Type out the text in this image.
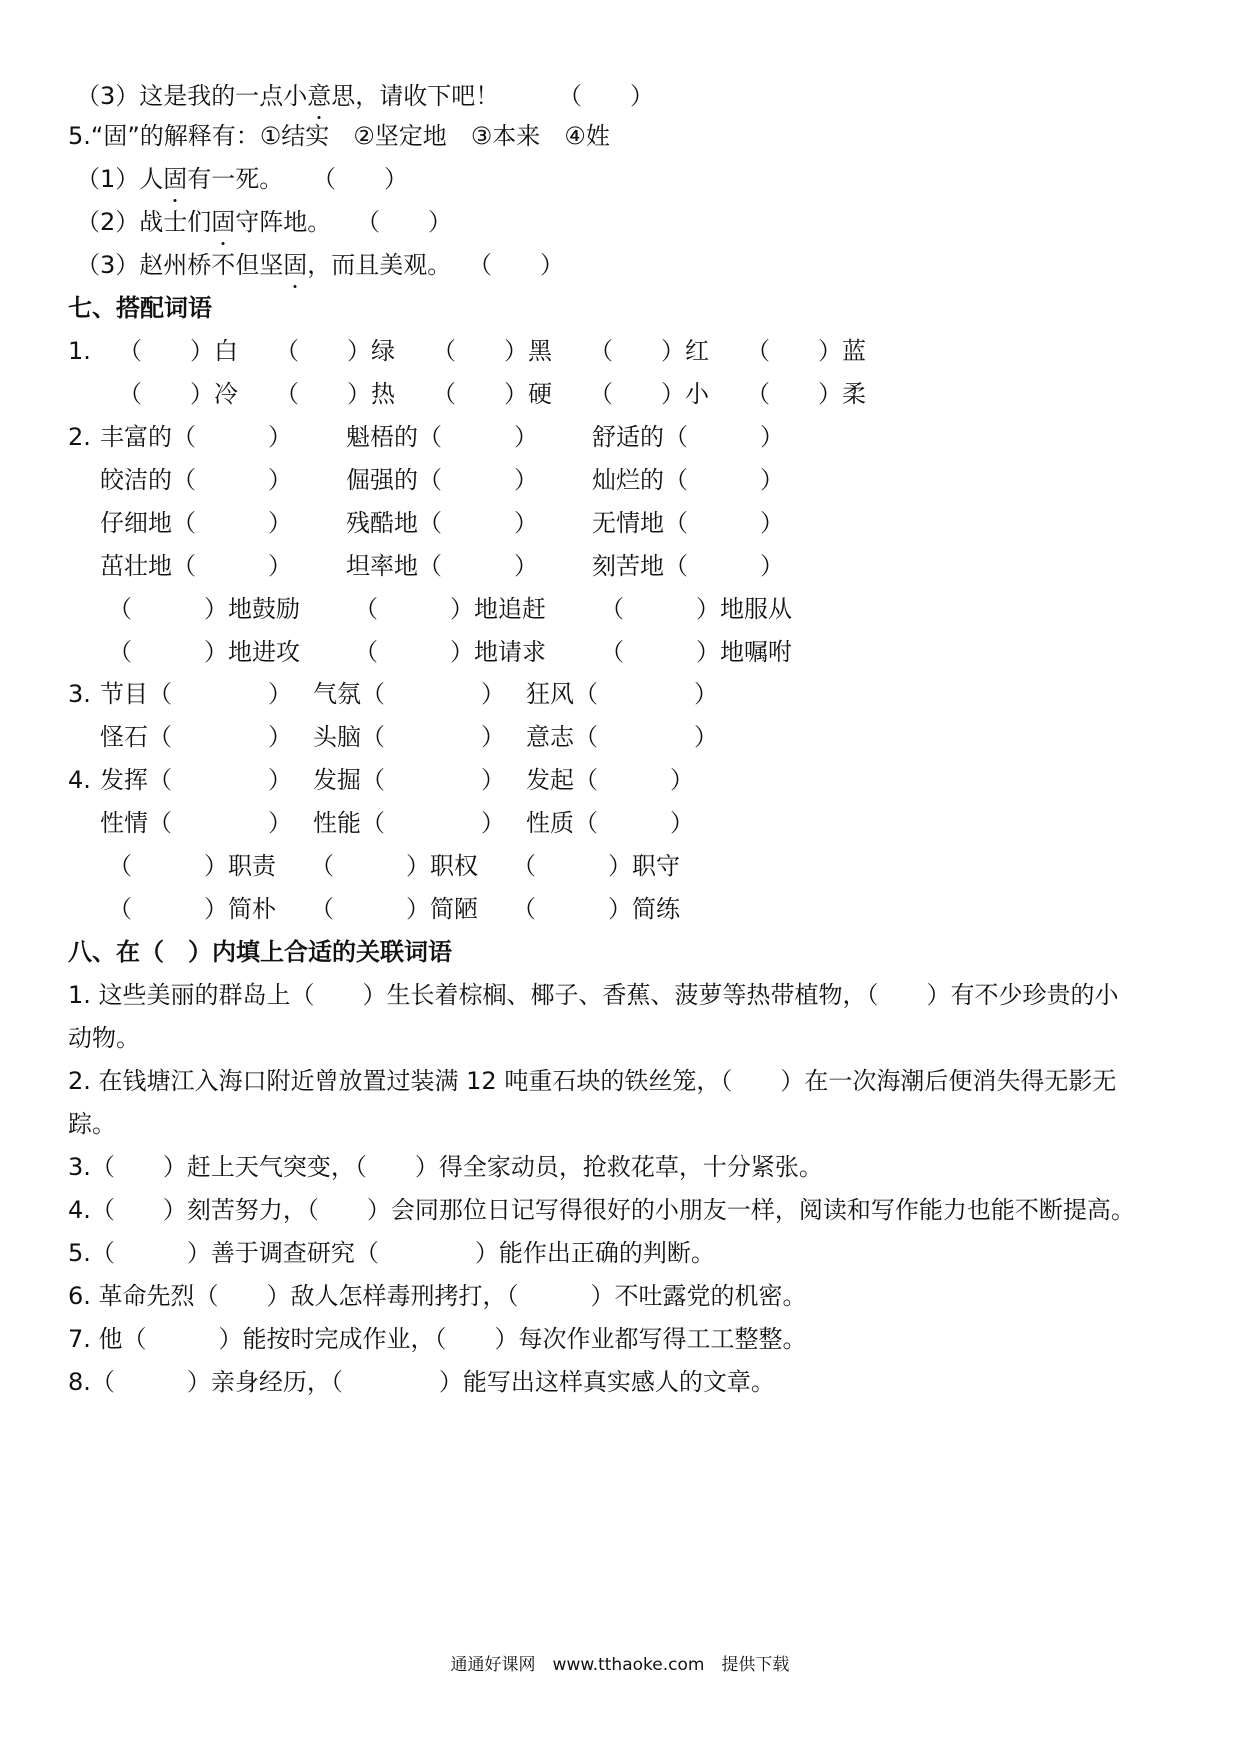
（3）这是我的一点小意思，请收下吧！ （　　）
5.“固”的解释有：①结实　②坚定地　③本来　④姓
（1）人固有一死。 （　　）
（2）战士们固守阵地。 （　　）
（3）赵州桥不但坚固，而且美观。 （　　）
七、搭配词语
1. （　　）白 （　　）绿 （　　）黑 （　　）红 （　　）蓝
（　　）冷 （　　）热 （　　）硬 （　　）小 （　　）柔
2. 丰富的（　　　） 魁梧的（　　　） 舒适的（　　　）
皎洁的（　　　） 倔强的（　　　） 灿烂的（　　　）
仔细地（　　　） 残酷地（　　　） 无情地（　　　）
茁壮地（　　　） 坦率地（　　　） 刻苦地（　　　）
（　　　）地鼓励 （　　　）地追赶 （　　　）地服从
（　　　）地进攻 （　　　）地请求 （　　　）地嘱咐
3. 节目（　　　　） 气氛（　　　　） 狂风（　　　　）
怪石（　　　　） 头脑（　　　　） 意志（　　　　）
4. 发挥（　　　　） 发掘（　　　　） 发起（　　　）
性情（　　　　） 性能（　　　　） 性质（　　　）
（　　　）职责 （　　　）职权 （　　　）职守
（　　　）简朴 （　　　）简陋 （　　　）简练
八、在（　）内填上合适的关联词语
1. 这些美丽的群岛上（　　）生长着棕榈、椰子、香蕉、菠萝等热带植物，（　　）有不少珍贵的小
动物。
2. 在钱塘江入海口附近曾放置过装满 12 吨重石块的铁丝笼，（　　）在一次海潮后便消失得无影无
踪。
3.（　　）赶上天气突变，（　　）得全家动员，抢救花草，十分紧张。
4.（　　）刻苦努力，（　　）会同那位日记写得很好的小朋友一样，阅读和写作能力也能不断提高。
5.（　　　）善于调查研究（　　　　）能作出正确的判断。
6. 革命先烈（　　）敌人怎样毒刑拷打，（　　　）不吐露党的机密。
7. 他（　　　）能按时完成作业，（　　）每次作业都写得工工整整。
8.（　　　）亲身经历，（　　　　）能写出这样真实感人的文章。
通通好课网　www.tthaoke.com　提供下载
